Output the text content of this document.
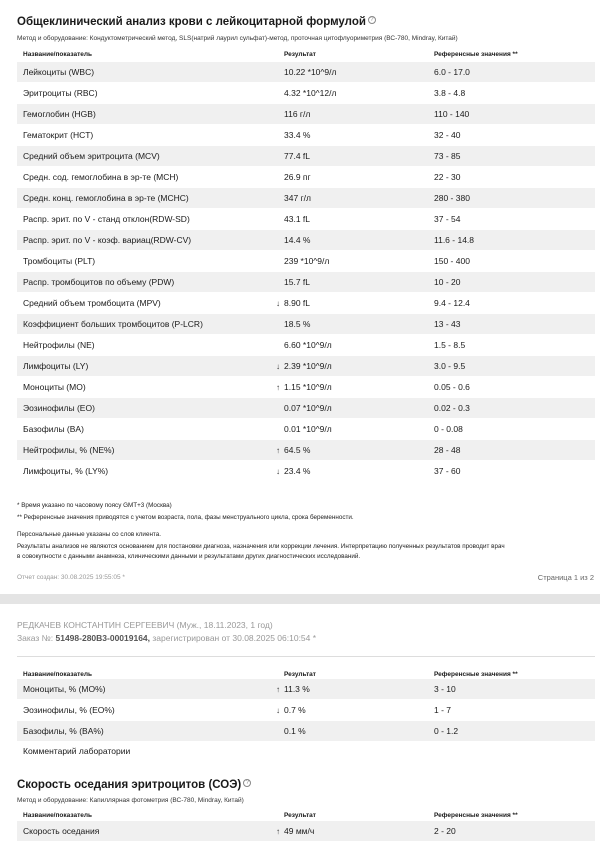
Общеклинический анализ крови с лейкоцитарной формулой ?
Метод и оборудование: Кондуктометрический метод, SLS(натрий лаурил сульфат)-метод, проточная цитофлуориметрия (ВС-780, Mindray, Китай)
Название/показатель	Результат	Референсные значения **
Лейкоциты (WBC)	10.22 *10^9/л	6.0 - 17.0
Эритроциты (RBC)	4.32 *10^12/л	3.8 - 4.8
Гемоглобин (HGB)	116 г/л	110 - 140
Гематокрит (HCT)	33.4 %	32 - 40
Средний объем эритроцита (MCV)	77.4 fL	73 - 85
Средн. сод. гемоглобина в эр-те (MCH)	26.9 пг	22 - 30
Средн. конц. гемоглобина в эр-те (MCHC)	347 г/л	280 - 380
Распр. эрит. по V - станд отклон(RDW-SD)	43.1 fL	37 - 54
Распр. эрит. по V - коэф. вариац(RDW-CV)	14.4 %	11.6 - 14.8
Тромбоциты (PLT)	239 *10^9/л	150 - 400
Распр. тромбоцитов по объему (PDW)	15.7 fL	10 - 20
Средний объем тромбоцита (MPV)	↓ 8.90 fL	9.4 - 12.4
Коэффициент больших тромбоцитов (P-LCR)	18.5 %	13 - 43
Нейтрофилы (NE)	6.60 *10^9/л	1.5 - 8.5
Лимфоциты (LY)	↓ 2.39 *10^9/л	3.0 - 9.5
Моноциты (MO)	↑ 1.15 *10^9/л	0.05 - 0.6
Эозинофилы (EO)	0.07 *10^9/л	0.02 - 0.3
Базофилы (BA)	0.01 *10^9/л	0 - 0.08
Нейтрофилы, % (NE%)	↑ 64.5 %	28 - 48
Лимфоциты, % (LY%)	↓ 23.4 %	37 - 60
* Время указано по часовому поясу GMT+3 (Москва)
** Референсные значения приводятся с учетом возраста, пола, фазы менструального цикла, срока беременности.
Персональные данные указаны со слов клиента.
Результаты анализов не являются основанием для постановки диагноза, назначения или коррекции лечения. Интерпретацию полученных результатов проводит врач
в совокупности с данными анамнеза, клиническими данными и результатами других диагностических исследований.
Отчет создан: 30.08.2025 19:55:05 *	Страница 1 из 2
РЕДКАЧЕВ КОНСТАНТИН СЕРГЕЕВИЧ (Муж., 18.11.2023, 1 год)
Заказ №: 51498-280В3-00019164, зарегистрирован от 30.08.2025 06:10:54 *
Название/показатель	Результат	Референсные значения **
Моноциты, % (MO%)	↑ 11.3 %	3 - 10
Эозинофилы, % (EO%)	↓ 0.7 %	1 - 7
Базофилы, % (BA%)	0.1 %	0 - 1.2
Комментарий лаборатории
Скорость оседания эритроцитов (СОЭ) ?
Метод и оборудование: Капиллярная фотометрия (ВС-780, Mindray, Китай)
Название/показатель	Результат	Референсные значения **
Скорость оседания	↑ 49 мм/ч	2 - 20
